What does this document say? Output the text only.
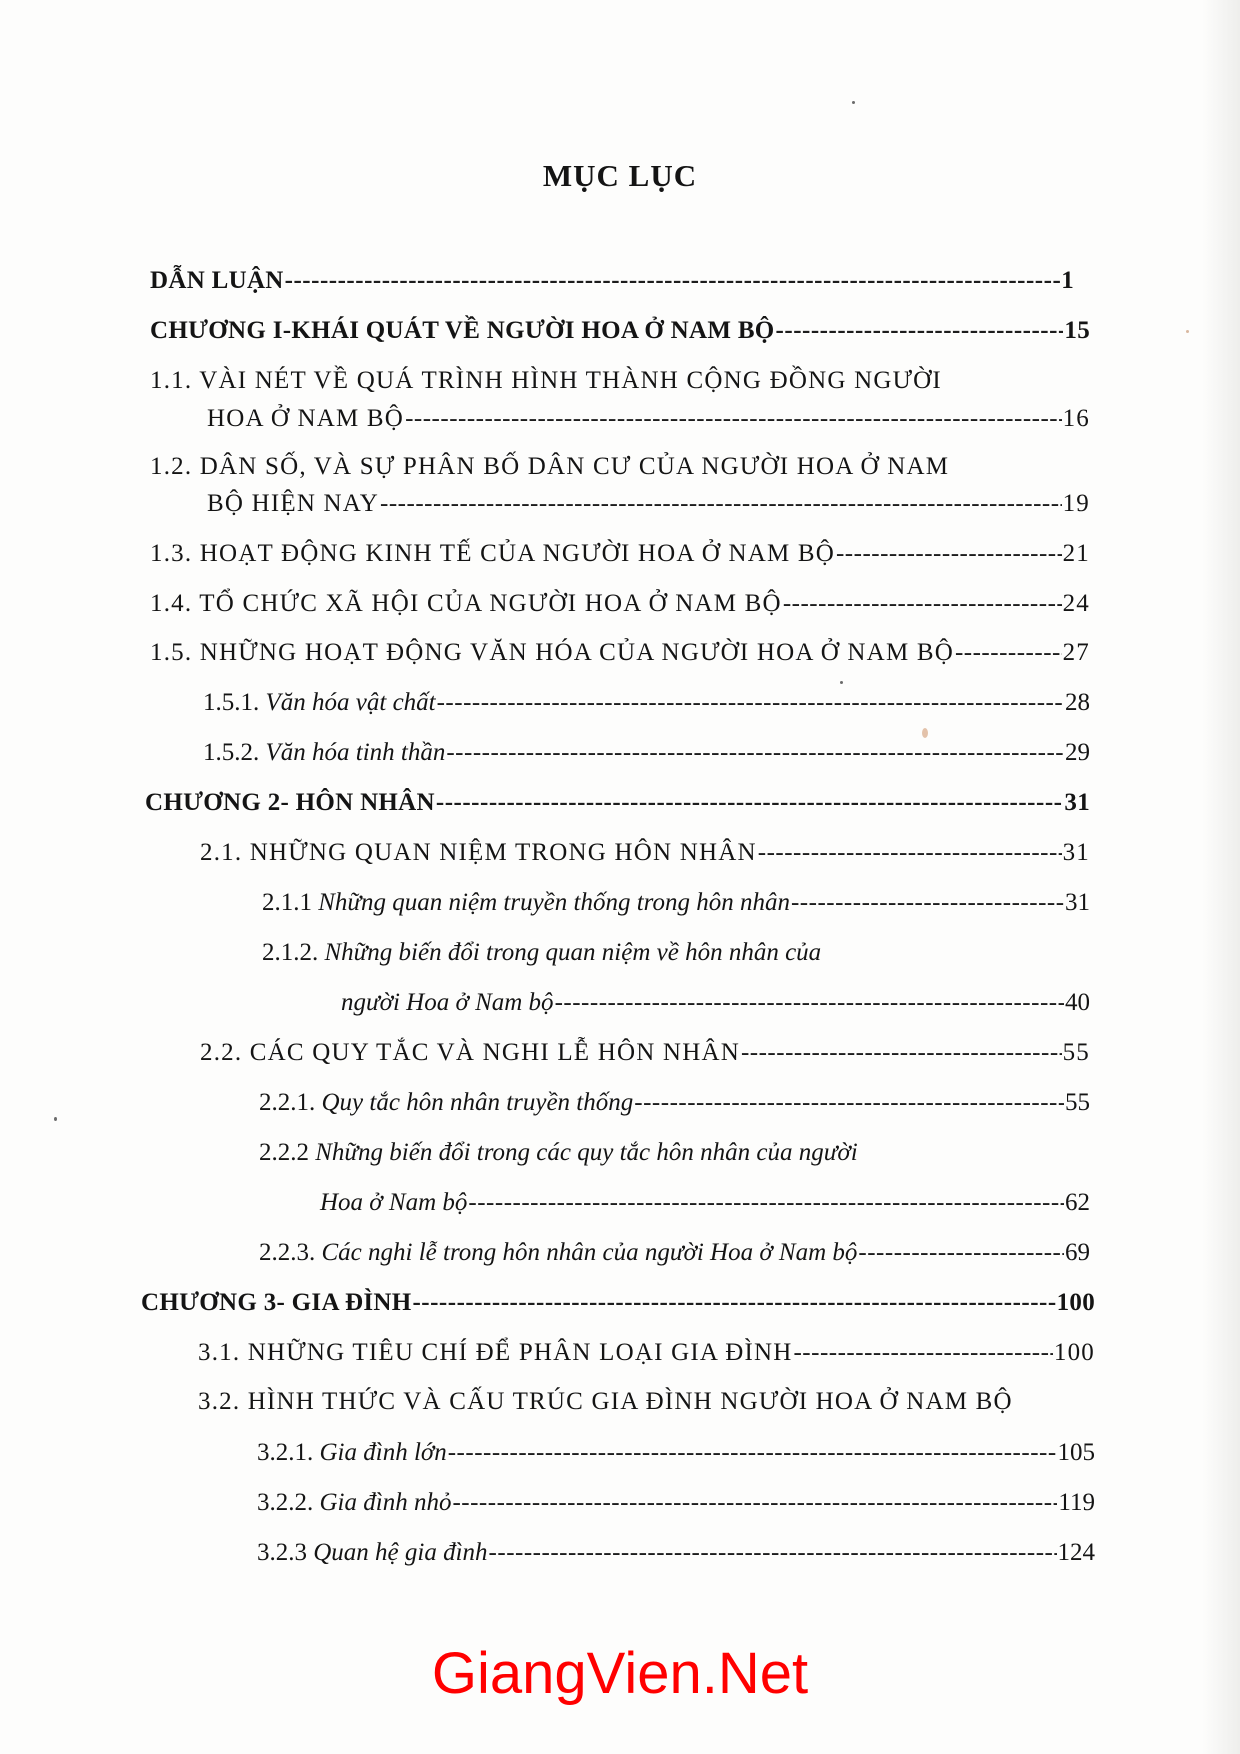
MỤC LỤC
DẪN LUẬN -----	1
CHƯƠNG I-KHÁI QUÁT VỀ NGƯỜI HOA Ở NAM BỘ -----	15
1.1. VÀI NÉT VỀ QUÁ TRÌNH HÌNH THÀNH CỘNG ĐỒNG NGƯỜI
HOA Ở NAM BỘ -----	16
1.2. DÂN SỐ, VÀ SỰ PHÂN BỐ DÂN CƯ CỦA NGƯỜI HOA Ở NAM
BỘ HIỆN NAY -----	19
1.3. HOẠT ĐỘNG KINH TẾ CỦA NGƯỜI HOA Ở NAM BỘ -----	21
1.4. TỔ CHỨC XÃ HỘI CỦA NGƯỜI HOA Ở NAM BỘ -----	24
1.5. NHỮNG HOẠT ĐỘNG VĂN HÓA CỦA NGƯỜI HOA Ở NAM BỘ -----	27
1.5.1. Văn hóa vật chất -----	28
1.5.2. Văn hóa tinh thần -----	29
CHƯƠNG 2- HÔN NHÂN -----	31
2.1. NHỮNG QUAN NIỆM TRONG HÔN NHÂN -----	31
2.1.1 Những quan niệm truyền thống trong hôn nhân -----	31
2.1.2. Những biến đổi trong quan niệm về hôn nhân của
người Hoa ở Nam bộ -----	40
2.2. CÁC QUY TẮC VÀ NGHI LỄ HÔN NHÂN -----	55
2.2.1. Quy tắc hôn nhân truyền thống -----	55
2.2.2 Những biến đổi trong các quy tắc hôn nhân của người
Hoa ở Nam bộ -----	62
2.2.3. Các nghi lễ trong hôn nhân của người Hoa ở Nam bộ -----	69
CHƯƠNG 3- GIA ĐÌNH -----	100
3.1. NHỮNG TIÊU CHÍ ĐỂ PHÂN LOẠI GIA ĐÌNH -----	100
3.2. HÌNH THỨC VÀ CẤU TRÚC GIA ĐÌNH NGƯỜI HOA Ở NAM BỘ
3.2.1. Gia đình lớn -----	105
3.2.2. Gia đình nhỏ -----	119
3.2.3 Quan hệ gia đình -----	124
GiangVien.Net
